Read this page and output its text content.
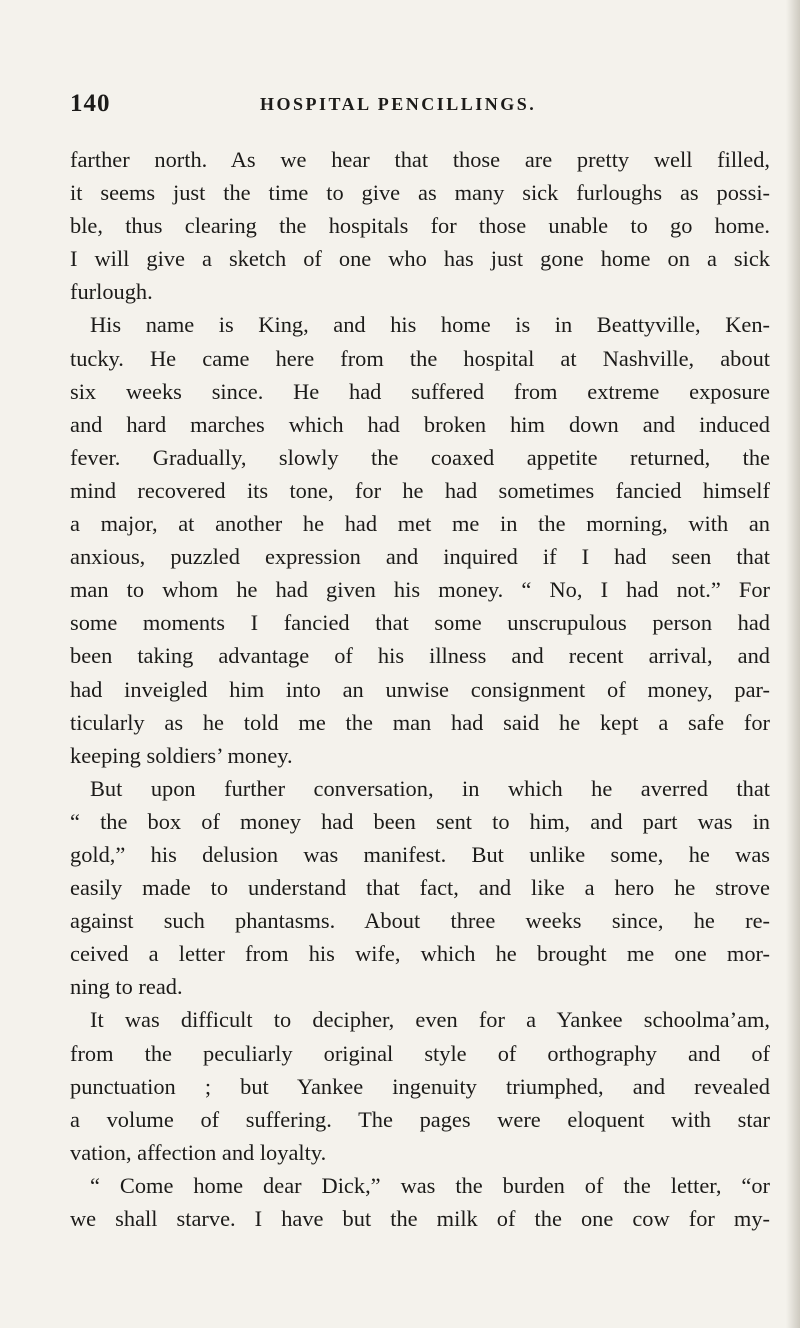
140	HOSPITAL PENCILLINGS.
farther north. As we hear that those are pretty well filled,
it seems just the time to give as many sick furloughs as possi-
ble, thus clearing the hospitals for those unable to go home.
I will give a sketch of one who has just gone home on a sick
furlough.
His name is King, and his home is in Beattyville, Ken-
tucky. He came here from the hospital at Nashville, about
six weeks since. He had suffered from extreme exposure
and hard marches which had broken him down and induced
fever. Gradually, slowly the coaxed appetite returned, the
mind recovered its tone, for he had sometimes fancied himself
a major, at another he had met me in the morning, with an
anxious, puzzled expression and inquired if I had seen that
man to whom he had given his money. “ No, I had not.” For
some moments I fancied that some unscrupulous person had
been taking advantage of his illness and recent arrival, and
had inveigled him into an unwise consignment of money, par-
ticularly as he told me the man had said he kept a safe for
keeping soldiers’ money.
But upon further conversation, in which he averred that
“ the box of money had been sent to him, and part was in
gold,” his delusion was manifest. But unlike some, he was
easily made to understand that fact, and like a hero he strove
against such phantasms. About three weeks since, he re-
ceived a letter from his wife, which he brought me one mor-
ning to read.
It was difficult to decipher, even for a Yankee schoolma’am,
from the peculiarly original style of orthography and of
punctuation ; but Yankee ingenuity triumphed, and revealed
a volume of suffering. The pages were eloquent with star
vation, affection and loyalty.
“ Come home dear Dick,” was the burden of the letter, “or
we shall starve. I have but the milk of the one cow for my-
